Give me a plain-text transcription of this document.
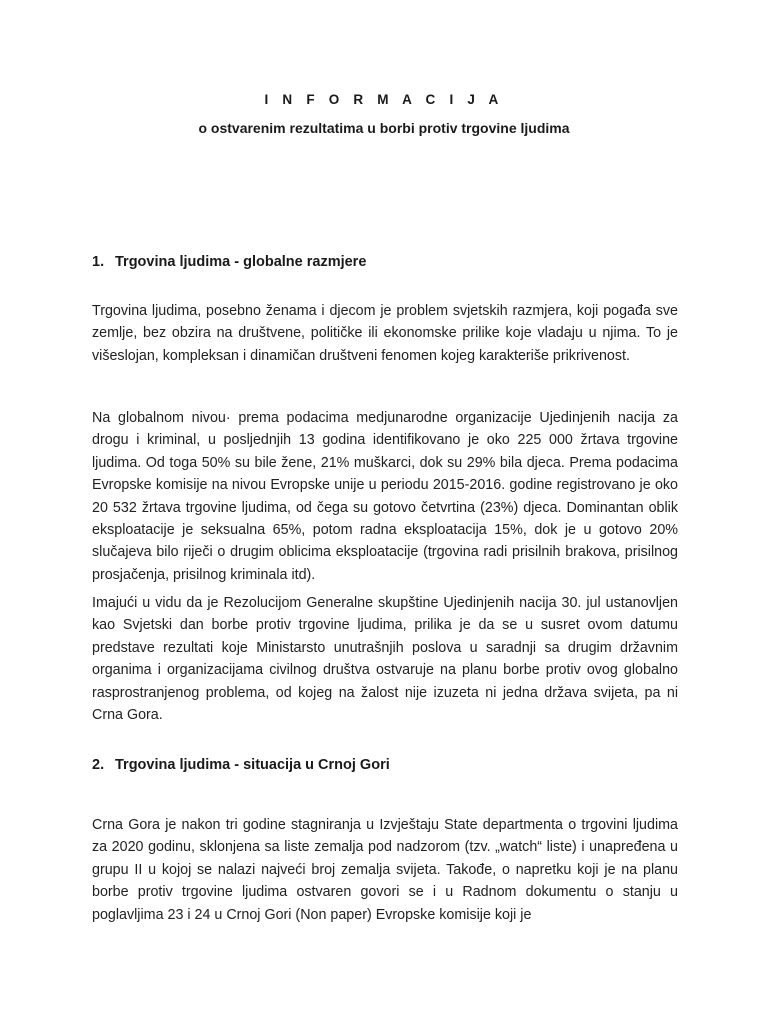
I N F O R M A C I J A
o ostvarenim rezultatima u borbi protiv trgovine ljudima
1. Trgovina ljudima - globalne razmjere

Trgovina ljudima, posebno ženama i djecom je problem svjetskih razmjera, koji pogađa sve zemlje, bez obzira na društvene, političke ili ekonomske prilike koje vladaju u njima. To je višeslojan, kompleksan i dinamičan društveni fenomen kojeg karakteriše prikrivenost.

Na globalnom nivou· prema podacima medjunarodne organizacije Ujedinjenih nacija za drogu i kriminal, u posljednjih 13 godina identifikovano je oko 225 000 žrtava trgovine ljudima. Od toga 50% su bile žene, 21% muškarci, dok su 29% bila djeca. Prema podacima Evropske komisije na nivou Evropske unije u periodu 2015-2016. godine registrovano je oko 20 532 žrtava trgovine ljudima, od čega su gotovo četvrtina (23%) djeca. Dominantan oblik eksploatacije je seksualna 65%, potom radna eksploatacija 15%, dok je u gotovo 20% slučajeva bilo riječi o drugim oblicima eksploatacije (trgovina radi prisilnih brakova, prisilnog prosjačenja, prisilnog kriminala itd).

Imajući u vidu da je Rezolucijom Generalne skupštine Ujedinjenih nacija 30. jul ustanovljen kao Svjetski dan borbe protiv trgovine ljudima, prilika je da se u susret ovom datumu predstave rezultati koje Ministarsto unutrašnjih poslova u saradnji sa drugim državnim organima i organizacijama civilnog društva ostvaruje na planu borbe protiv ovog globalno rasprostranjenog problema, od kojeg na žalost nije izuzeta ni jedna država svijeta, pa ni Crna Gora.

2. Trgovina ljudima - situacija u Crnoj Gori

Crna Gora je nakon tri godine stagniranja u Izvještaju State departmenta o trgovini ljudima za 2020 godinu, sklonjena sa liste zemalja pod nadzorom (tzv. „watch“ liste) i unapređena u grupu II u kojoj se nalazi najveći broj zemalja svijeta. Takođe, o napretku koji je na planu borbe protiv trgovine ljudima ostvaren govori se i u Radnom dokumentu o stanju u poglavljima 23 i 24 u Crnoj Gori (Non paper) Evropske komisije koji je
